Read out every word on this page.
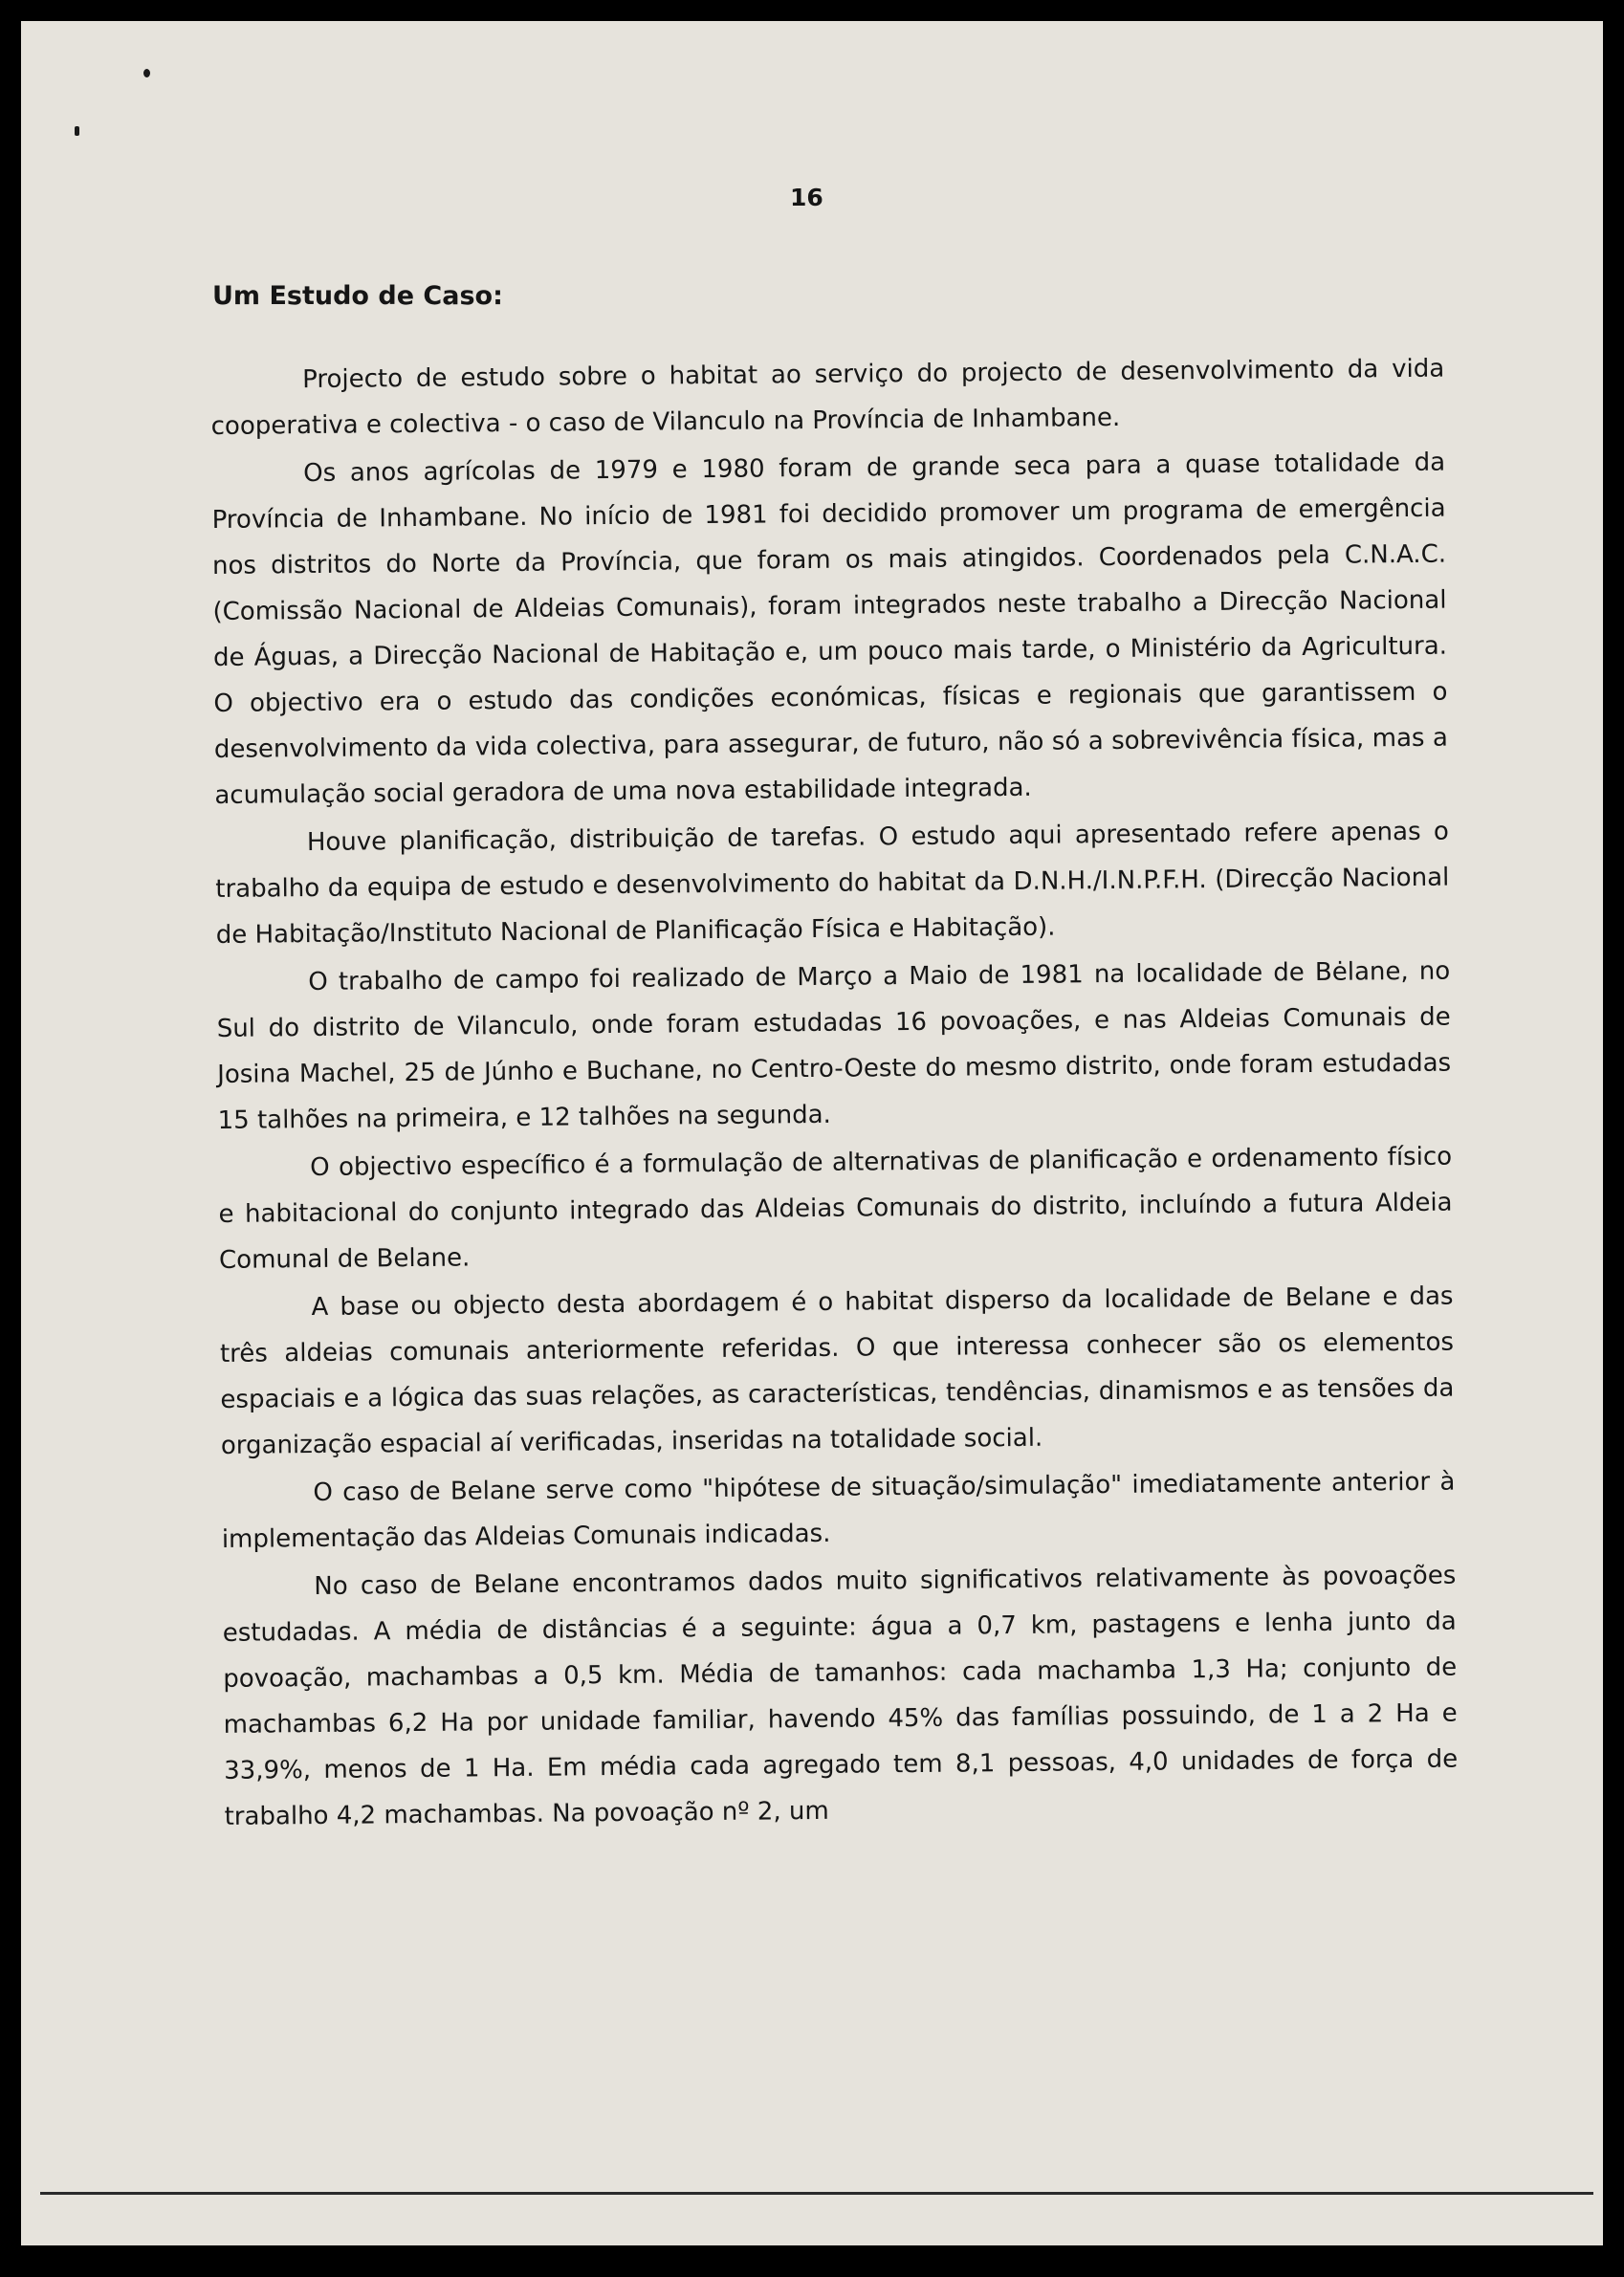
16
Um Estudo de Caso:

Projecto de estudo sobre o habitat ao serviço do projecto de desenvolvimento da vida cooperativa e colectiva - o caso de Vilanculo na Província de Inhambane.

Os anos agrícolas de 1979 e 1980 foram de grande seca para a quase totalidade da Província de Inhambane. No início de 1981 foi decidido promover um programa de emergência nos distritos do Norte da Província, que foram os mais atingidos. Coordenados pela C.N.A.C. (Comissão Nacional de Aldeias Comunais), foram integrados neste trabalho a Direcção Nacional de Águas, a Direcção Nacional de Habitação e, um pouco mais tarde, o Ministério da Agricultura. O objectivo era o estudo das condições económicas, físicas e regionais que garantissem o desenvolvimento da vida colectiva, para assegurar, de futuro, não só a sobrevivência física, mas a acumulação social geradora de uma nova estabilidade integrada.

Houve planificação, distribuição de tarefas. O estudo aqui apresentado refere apenas o trabalho da equipa de estudo e desenvolvimento do habitat da D.N.H./I.N.P.F.H. (Direcção Nacional de Habitação/Instituto Nacional de Planificação Física e Habitação).

O trabalho de campo foi realizado de Março a Maio de 1981 na localidade de Bėlane, no Sul do distrito de Vilanculo, onde foram estudadas 16 povoações, e nas Aldeias Comunais de Josina Machel, 25 de Júnho e Buchane, no Centro-Oeste do mesmo distrito, onde foram estudadas 15 talhões na primeira, e 12 talhões na segunda.

O objectivo específico é a formulação de alternativas de planificação e ordenamento físico e habitacional do conjunto integrado das Aldeias Comunais do distrito, incluíndo a futura Aldeia Comunal de Belane.

A base ou objecto desta abordagem é o habitat disperso da localidade de Belane e das três aldeias comunais anteriormente referidas. O que interessa conhecer são os elementos espaciais e a lógica das suas relações, as características, tendências, dinamismos e as tensões da organização espacial aí verificadas, inseridas na totalidade social.

O caso de Belane serve como "hipótese de situação/simulação" imediatamente anterior à implementação das Aldeias Comunais indicadas.

No caso de Belane encontramos dados muito significativos relativamente às povoações estudadas. A média de distâncias é a seguinte: água a 0,7 km, pastagens e lenha junto da povoação, machambas a 0,5 km. Média de tamanhos: cada machamba 1,3 Ha; conjunto de machambas 6,2 Ha por unidade familiar, havendo 45% das famílias possuindo, de 1 a 2 Ha e 33,9%, menos de 1 Ha. Em média cada agregado tem 8,1 pessoas, 4,0 unidades de força de trabalho 4,2 machambas. Na povoação nº 2, um
